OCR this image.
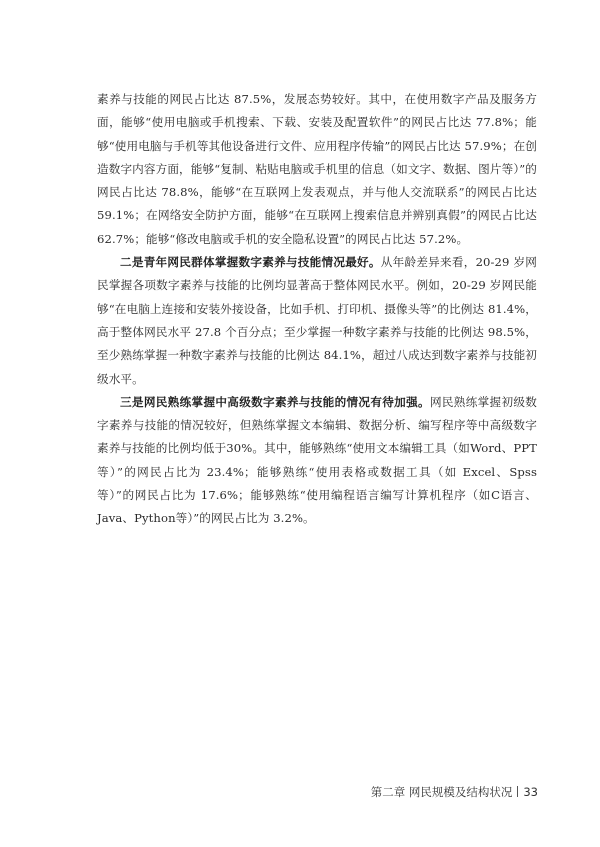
素养与技能的网民占比达 87.5%，发展态势较好。其中，在使用数字产品及服务方面，能够“使用电脑或手机搜索、下载、安装及配置软件”的网民占比达 77.8%；能够“使用电脑与手机等其他设备进行文件、应用程序传输”的网民占比达 57.9%；在创造数字内容方面，能够“复制、粘贴电脑或手机里的信息（如文字、数据、图片等）”的网民占比达 78.8%，能够“在互联网上发表观点，并与他人交流联系”的网民占比达 59.1%；在网络安全防护方面，能够“在互联网上搜索信息并辨别真假”的网民占比达 62.7%；能够“修改电脑或手机的安全隐私设置”的网民占比达 57.2%。

二是青年网民群体掌握数字素养与技能情况最好。从年龄差异来看，20-29 岁网民掌握各项数字素养与技能的比例均显著高于整体网民水平。例如，20-29 岁网民能够“在电脑上连接和安装外接设备，比如手机、打印机、摄像头等”的比例达 81.4%，高于整体网民水平 27.8 个百分点；至少掌握一种数字素养与技能的比例达 98.5%，至少熟练掌握一种数字素养与技能的比例达 84.1%，超过八成达到数字素养与技能初级水平。

三是网民熟练掌握中高级数字素养与技能的情况有待加强。网民熟练掌握初级数字素养与技能的情况较好，但熟练掌握文本编辑、数据分析、编写程序等中高级数字素养与技能的比例均低于30%。其中，能够熟练“使用文本编辑工具（如Word、PPT等）”的网民占比为 23.4%；能够熟练“使用表格或数据工具（如 Excel、Spss 等）”的网民占比为 17.6%；能够熟练“使用编程语言编写计算机程序（如C语言、Java、Python等）”的网民占比为 3.2%。

第二章 网民规模及结构状况 33
